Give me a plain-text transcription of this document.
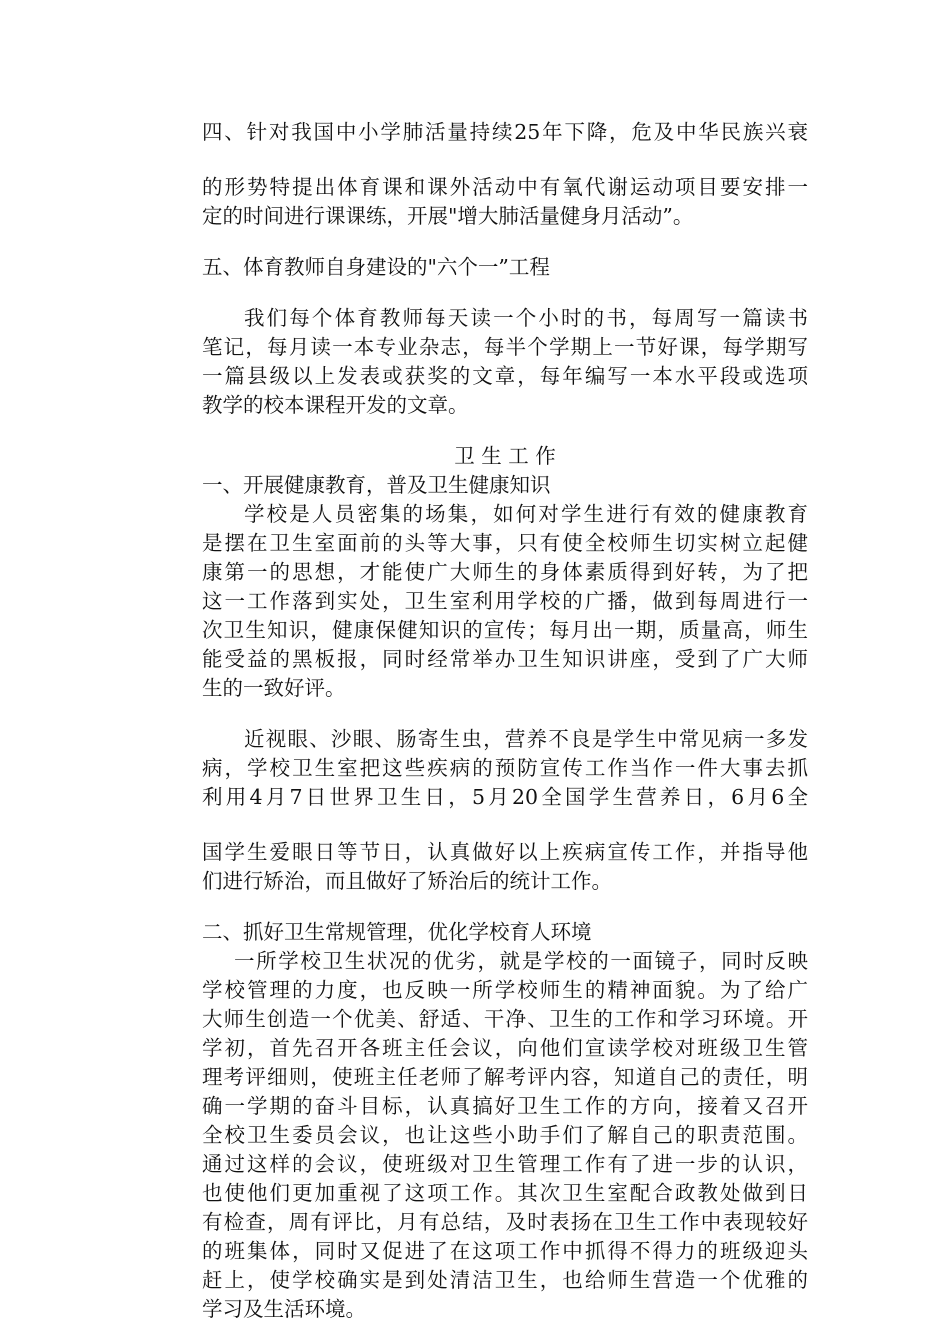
四、针对我国中小学肺活量持续25年下降，危及中华民族兴衰
的形势特提出体育课和课外活动中有氧代谢运动项目要安排一
定的时间进行课课练，开展"增大肺活量健身月活动”。
五、体育教师自身建设的"六个一”工程
我们每个体育教师每天读一个小时的书，每周写一篇读书
笔记，每月读一本专业杂志，每半个学期上一节好课，每学期写
一篇县级以上发表或获奖的文章，每年编写一本水平段或选项
教学的校本课程开发的文章。
卫 生 工 作
一、开展健康教育，普及卫生健康知识
学校是人员密集的场集，如何对学生进行有效的健康教育
是摆在卫生室面前的头等大事，只有使全校师生切实树立起健
康第一的思想，才能使广大师生的身体素质得到好转，为了把
这一工作落到实处，卫生室利用学校的广播，做到每周进行一
次卫生知识，健康保健知识的宣传；每月出一期，质量高，师生
能受益的黑板报，同时经常举办卫生知识讲座，受到了广大师
生的一致好评。
近视眼、沙眼、肠寄生虫，营养不良是学生中常见病一多发
病，学校卫生室把这些疾病的预防宣传工作当作一件大事去抓
利用4月7日世界卫生日，5月20全国学生营养日，6月6全
国学生爱眼日等节日，认真做好以上疾病宣传工作，并指导他
们进行矫治，而且做好了矫治后的统计工作。
二、抓好卫生常规管理，优化学校育人环境
一所学校卫生状况的优劣，就是学校的一面镜子，同时反映
学校管理的力度，也反映一所学校师生的精神面貌。为了给广
大师生创造一个优美、舒适、干净、卫生的工作和学习环境。开
学初，首先召开各班主任会议，向他们宣读学校对班级卫生管
理考评细则，使班主任老师了解考评内容，知道自己的责任，明
确一学期的奋斗目标，认真搞好卫生工作的方向，接着又召开
全校卫生委员会议，也让这些小助手们了解自己的职责范围。
通过这样的会议，使班级对卫生管理工作有了进一步的认识，
也使他们更加重视了这项工作。其次卫生室配合政教处做到日
有检查，周有评比，月有总结，及时表扬在卫生工作中表现较好
的班集体，同时又促进了在这项工作中抓得不得力的班级迎头
赶上，使学校确实是到处清洁卫生，也给师生营造一个优雅的
学习及生活环境。
